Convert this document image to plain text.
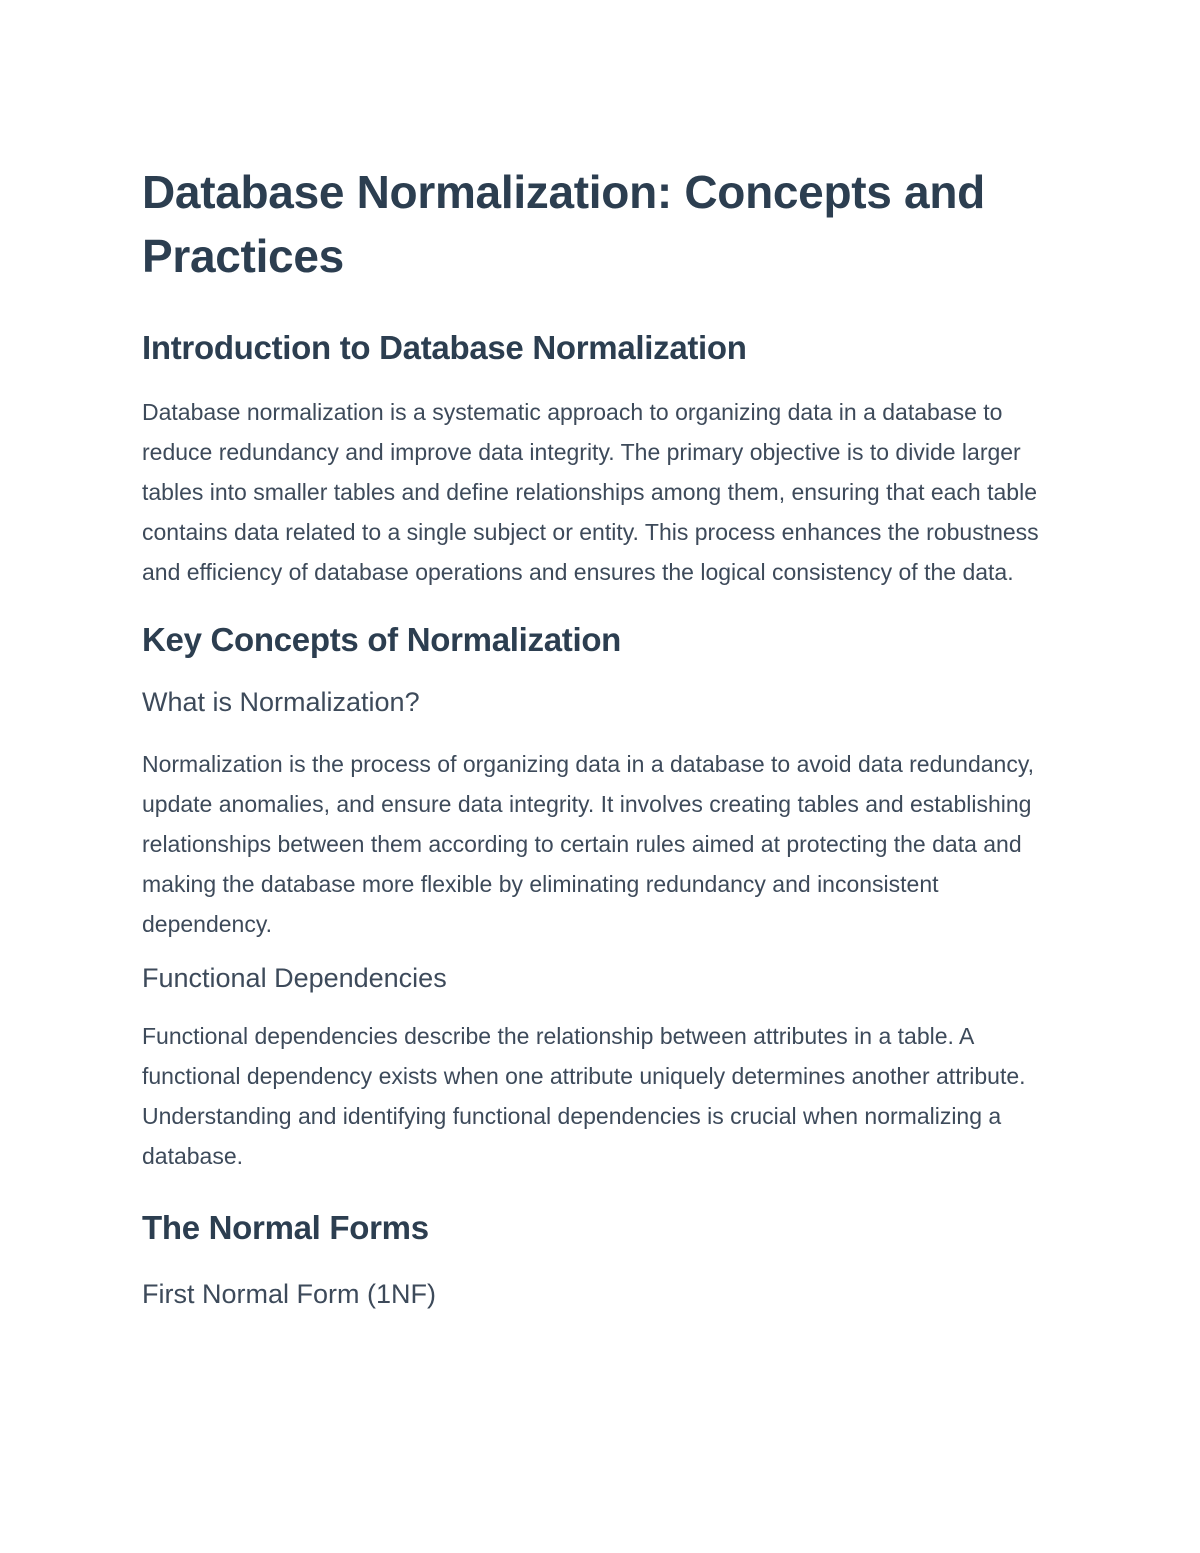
Database Normalization: Concepts and Practices
Introduction to Database Normalization

Database normalization is a systematic approach to organizing data in a database to reduce redundancy and improve data integrity. The primary objective is to divide larger tables into smaller tables and define relationships among them, ensuring that each table contains data related to a single subject or entity. This process enhances the robustness and efficiency of database operations and ensures the logical consistency of the data.

Key Concepts of Normalization
What is Normalization?

Normalization is the process of organizing data in a database to avoid data redundancy, update anomalies, and ensure data integrity. It involves creating tables and establishing relationships between them according to certain rules aimed at protecting the data and making the database more flexible by eliminating redundancy and inconsistent dependency.

Functional Dependencies

Functional dependencies describe the relationship between attributes in a table. A functional dependency exists when one attribute uniquely determines another attribute. Understanding and identifying functional dependencies is crucial when normalizing a database.

The Normal Forms
First Normal Form (1NF)
